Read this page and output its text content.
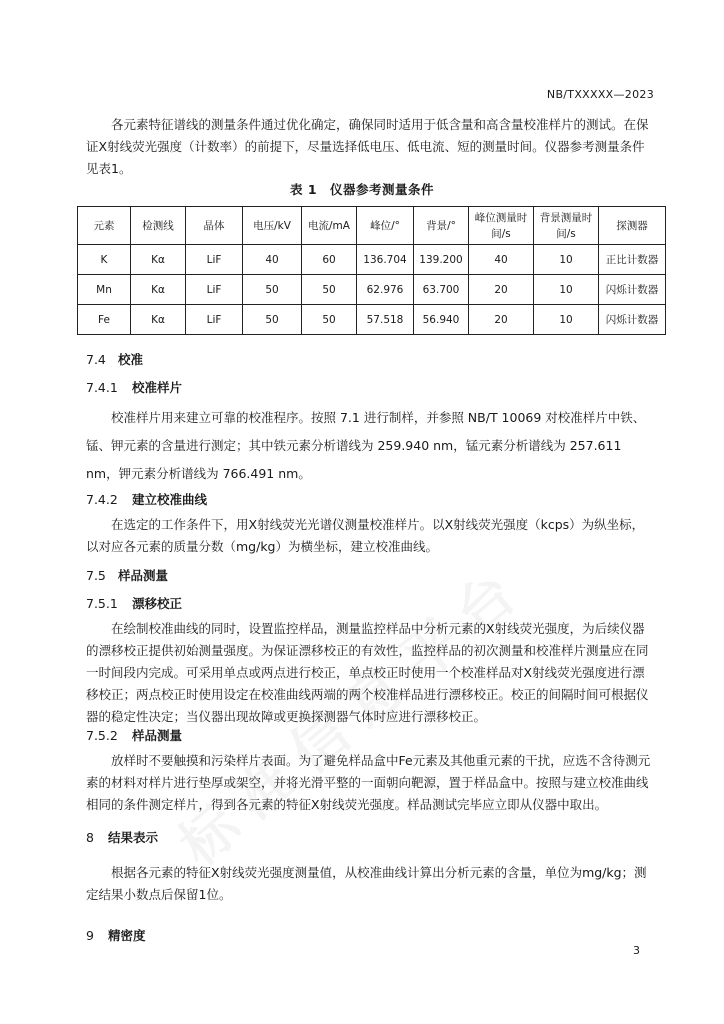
NB/TXXXXX—2023
各元素特征谱线的测量条件通过优化确定，确保同时适用于低含量和高含量校准样片的测试。在保证X射线荧光强度（计数率）的前提下，尽量选择低电压、低电流、短的测量时间。仪器参考测量条件见表1。
表 1　仪器参考测量条件
元素	检测线	晶体	电压/kV	电流/mA	峰位/°	背景/°	峰位测量时间/s	背景测量时间/s	探测器
K	Kα	LiF	40	60	136.704	139.200	40	10	正比计数器
Mn	Kα	LiF	50	50	62.976	63.700	20	10	闪烁计数器
Fe	Kα	LiF	50	50	57.518	56.940	20	10	闪烁计数器
7.4 校准
7.4.1 校准样片
校准样片用来建立可靠的校准程序。按照 7.1 进行制样，并参照 NB/T 10069 对校准样片中铁、锰、钾元素的含量进行测定；其中铁元素分析谱线为 259.940 nm，锰元素分析谱线为 257.611 nm，钾元素分析谱线为 766.491 nm。
7.4.2 建立校准曲线
在选定的工作条件下，用X射线荧光光谱仪测量校准样片。以X射线荧光强度（kcps）为纵坐标，以对应各元素的质量分数（mg/kg）为横坐标，建立校准曲线。
7.5 样品测量
7.5.1 漂移校正
在绘制校准曲线的同时，设置监控样品，测量监控样品中分析元素的X射线荧光强度，为后续仪器的漂移校正提供初始测量强度。为保证漂移校正的有效性，监控样品的初次测量和校准样片测量应在同一时间段内完成。可采用单点或两点进行校正，单点校正时使用一个校准样品对X射线荧光强度进行漂移校正；两点校正时使用设定在校准曲线两端的两个校准样品进行漂移校正。校正的间隔时间可根据仪器的稳定性决定；当仪器出现故障或更换探测器气体时应进行漂移校正。
7.5.2 样品测量
放样时不要触摸和污染样片表面。为了避免样品盒中Fe元素及其他重元素的干扰，应选不含待测元素的材料对样片进行垫厚或架空，并将光滑平整的一面朝向靶源，置于样品盒中。按照与建立校准曲线相同的条件测定样片，得到各元素的特征X射线荧光强度。样品测试完毕应立即从仪器中取出。
8 结果表示
根据各元素的特征X射线荧光强度测量值，从校准曲线计算出分析元素的含量，单位为mg/kg；测定结果小数点后保留1位。
9 精密度
3
